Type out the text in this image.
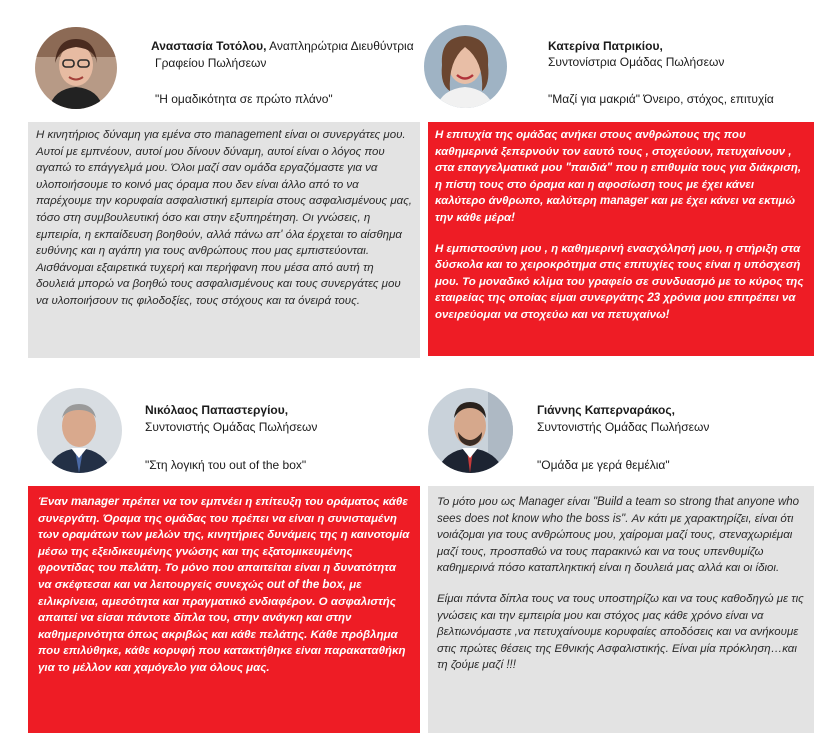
Αναστασία Τοτόλου, Αναπληρώτρια Διευθύντρια
Γραφείου Πωλήσεων
"Η ομαδικότητα σε πρώτο πλάνο"

Η κινητήριος δύναμη για εμένα στο management είναι οι συνεργάτες μου. Αυτοί με εμπνέουν, αυτοί μου δίνουν δύναμη, αυτοί είναι ο λόγος που αγαπώ το επάγγελμά μου. Όλοι μαζί σαν ομάδα εργαζόμαστε για να υλοποιήσουμε το κοινό μας όραμα που δεν είναι άλλο από το να παρέχουμε την κορυφαία ασφαλιστική εμπειρία στους ασφαλισμένους μας, τόσο στη συμβουλευτική όσο και στην εξυπηρέτηση. Οι γνώσεις, η εμπειρία, η εκπαίδευση βοηθούν, αλλά πάνω απ' όλα έρχεται το αίσθημα ευθύνης και η αγάπη για τους ανθρώπους που μας εμπιστεύονται. Αισθάνομαι εξαιρετικά τυχερή και περήφανη που μέσα από αυτή τη δουλειά μπορώ να βοηθώ τους ασφαλισμένους και τους συνεργάτες μου να υλοποιήσουν τις φιλοδοξίες, τους στόχους και τα όνειρά τους.

Κατερίνα Πατρικίου,
Συντονίστρια Ομάδας Πωλήσεων
"Μαζί για μακριά" Όνειρο, στόχος, επιτυχία

Η επιτυχία της ομάδας ανήκει στους ανθρώπους της που καθημερινά ξεπερνούν τον εαυτό τους , στοχεύουν, πετυχαίνουν , στα επαγγελματικά μου "παιδιά" που η επιθυμία τους για διάκριση, η πίστη τους στο όραμα και η αφοσίωση τους με έχει κάνει καλύτερο άνθρωπο, καλύτερη manager και με έχει κάνει να εκτιμώ την κάθε μέρα!

Η εμπιστοσύνη μου , η καθημερινή ενασχόλησή μου, η στήριξη στα δύσκολα και το χειροκρότημα στις επιτυχίες τους είναι η υπόσχεσή μου. Το μοναδικό κλίμα του γραφείο σε συνδυασμό με το κύρος της εταιρείας της οποίας είμαι συνεργάτης 23 χρόνια μου επιτρέπει να ονειρεύομαι να στοχεύω και να πετυχαίνω!

Νικόλαος Παπαστεργίου,
Συντονιστής Ομάδας Πωλήσεων
"Στη λογική του out of the box"

Έναν manager πρέπει να τον εμπνέει η επίτευξη του οράματος κάθε συνεργάτη. Όραμα της ομάδας του πρέπει να είναι η συνισταμένη των οραμάτων των μελών της, κινητήριες δυνάμεις της η καινοτομία μέσω της εξειδικευμένης γνώσης και της εξατομικευμένης φροντίδας του πελάτη. Το μόνο που απαιτείται είναι η δυνατότητα να σκέφτεσαι και να λειτουργείς συνεχώς out of the box, με ειλικρίνεια, αμεσότητα και πραγματικό ενδιαφέρον. Ο ασφαλιστής απαιτεί να είσαι πάντοτε δίπλα του, στην ανάγκη και στην καθημερινότητα όπως ακριβώς και κάθε πελάτης. Κάθε πρόβλημα που επιλύθηκε, κάθε κορυφή που κατακτήθηκε είναι παρακαταθήκη για το μέλλον και χαμόγελο για όλους μας.

Γιάννης Καπερναράκος,
Συντονιστής Ομάδας Πωλήσεων
"Ομάδα με γερά θεμέλια"

Το μότο μου ως Manager είναι "Build a team so strong that anyone who sees does not know who the boss is". Αν κάτι με χαρακτηρίζει, είναι ότι νοιάζομαι για τους ανθρώπους μου, χαίρομαι μαζί τους, στεναχωριέμαι μαζί τους, προσπαθώ να τους παρακινώ και να τους υπενθυμίζω καθημερινά πόσο καταπληκτική είναι η δουλειά μας αλλά και οι ίδιοι.

Είμαι πάντα δίπλα τους να τους υποστηρίζω και να τους καθοδηγώ με τις γνώσεις και την εμπειρία μου και στόχος μας κάθε χρόνο είναι να βελτιωνόμαστε ,να πετυχαίνουμε κορυφαίες αποδόσεις και να ανήκουμε στις πρώτες θέσεις της Εθνικής Ασφαλιστικής. Είναι μία πρόκληση…και τη ζούμε μαζί !!!
